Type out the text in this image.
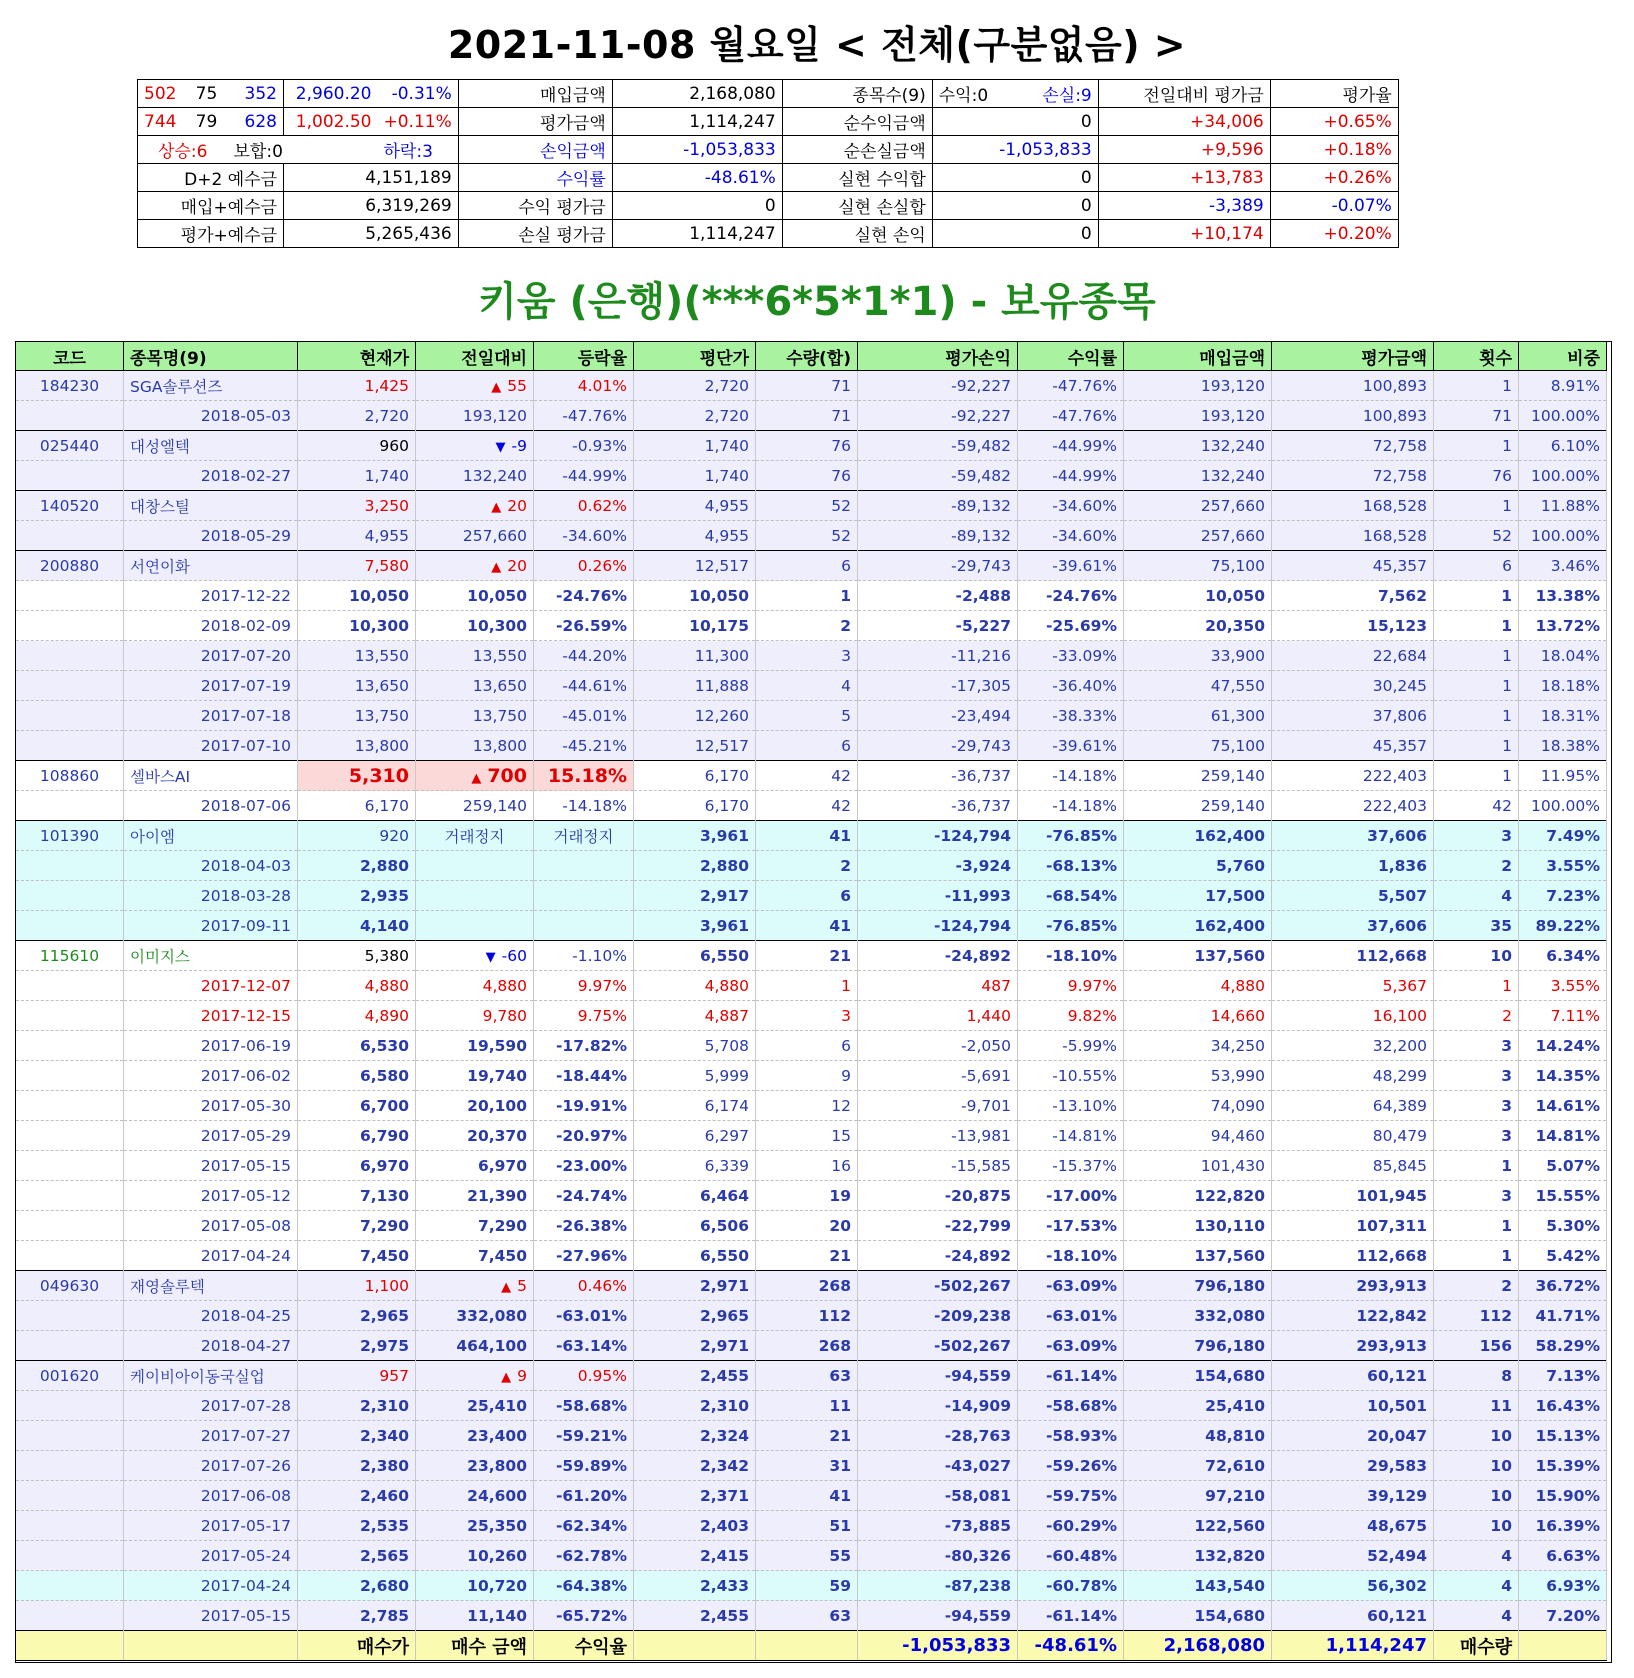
2021-11-08 월요일 < 전체(구분없음) >
502	75	352	2,960.20	-0.31%	매입금액	2,168,080	종목수(9)	수익:0	손실:9	전일대비 평가금	평가율
744	79	628	1,002.50	+0.11%	평가금액	1,114,247	순수익금액	0		+34,006	+0.65%
상승:6		보합:0		하락:3	손익금액	-1,053,833	순손실금액	-1,053,833		+9,596	+0.18%
D+2 예수금			4,151,189		수익률	-48.61%	실현 수익합	0		+13,783	+0.26%
매입+예수금			6,319,269		수익 평가금	0	실현 손실합	0		-3,389	-0.07%
평가+예수금			5,265,436		손실 평가금	1,114,247	실현 손익	0		+10,174	+0.20%
키움 (은행)(***6*5*1*1) - 보유종목
코드	종목명(9)	현재가	전일대비	등락율	평단가	수량(합)	평가손익	수익률	매입금액	평가금액	횟수	비중
184230	SGA솔루션즈	1,425	▲ 55	4.01%	2,720	71	-92,227	-47.76%	193,120	100,893	1	8.91%
	2018-05-03	2,720	193,120	-47.76%	2,720	71	-92,227	-47.76%	193,120	100,893	71	100.00%
025440	대성엘텍	960	▼ -9	-0.93%	1,740	76	-59,482	-44.99%	132,240	72,758	1	6.10%
	2018-02-27	1,740	132,240	-44.99%	1,740	76	-59,482	-44.99%	132,240	72,758	76	100.00%
140520	대창스틸	3,250	▲ 20	0.62%	4,955	52	-89,132	-34.60%	257,660	168,528	1	11.88%
	2018-05-29	4,955	257,660	-34.60%	4,955	52	-89,132	-34.60%	257,660	168,528	52	100.00%
200880	서연이화	7,580	▲ 20	0.26%	12,517	6	-29,743	-39.61%	75,100	45,357	6	3.46%
	2017-12-22	10,050	10,050	-24.76%	10,050	1	-2,488	-24.76%	10,050	7,562	1	13.38%
	2018-02-09	10,300	10,300	-26.59%	10,175	2	-5,227	-25.69%	20,350	15,123	1	13.72%
	2017-07-20	13,550	13,550	-44.20%	11,300	3	-11,216	-33.09%	33,900	22,684	1	18.04%
	2017-07-19	13,650	13,650	-44.61%	11,888	4	-17,305	-36.40%	47,550	30,245	1	18.18%
	2017-07-18	13,750	13,750	-45.01%	12,260	5	-23,494	-38.33%	61,300	37,806	1	18.31%
	2017-07-10	13,800	13,800	-45.21%	12,517	6	-29,743	-39.61%	75,100	45,357	1	18.38%
108860	셀바스AI	5,310	▲ 700	15.18%	6,170	42	-36,737	-14.18%	259,140	222,403	1	11.95%
	2018-07-06	6,170	259,140	-14.18%	6,170	42	-36,737	-14.18%	259,140	222,403	42	100.00%
101390	아이엠	920	거래정지	거래정지	3,961	41	-124,794	-76.85%	162,400	37,606	3	7.49%
	2018-04-03	2,880			2,880	2	-3,924	-68.13%	5,760	1,836	2	3.55%
	2018-03-28	2,935			2,917	6	-11,993	-68.54%	17,500	5,507	4	7.23%
	2017-09-11	4,140			3,961	41	-124,794	-76.85%	162,400	37,606	35	89.22%
115610	이미지스	5,380	▼ -60	-1.10%	6,550	21	-24,892	-18.10%	137,560	112,668	10	6.34%
	2017-12-07	4,880	4,880	9.97%	4,880	1	487	9.97%	4,880	5,367	1	3.55%
	2017-12-15	4,890	9,780	9.75%	4,887	3	1,440	9.82%	14,660	16,100	2	7.11%
	2017-06-19	6,530	19,590	-17.82%	5,708	6	-2,050	-5.99%	34,250	32,200	3	14.24%
	2017-06-02	6,580	19,740	-18.44%	5,999	9	-5,691	-10.55%	53,990	48,299	3	14.35%
	2017-05-30	6,700	20,100	-19.91%	6,174	12	-9,701	-13.10%	74,090	64,389	3	14.61%
	2017-05-29	6,790	20,370	-20.97%	6,297	15	-13,981	-14.81%	94,460	80,479	3	14.81%
	2017-05-15	6,970	6,970	-23.00%	6,339	16	-15,585	-15.37%	101,430	85,845	1	5.07%
	2017-05-12	7,130	21,390	-24.74%	6,464	19	-20,875	-17.00%	122,820	101,945	3	15.55%
	2017-05-08	7,290	7,290	-26.38%	6,506	20	-22,799	-17.53%	130,110	107,311	1	5.30%
	2017-04-24	7,450	7,450	-27.96%	6,550	21	-24,892	-18.10%	137,560	112,668	1	5.42%
049630	재영솔루텍	1,100	▲ 5	0.46%	2,971	268	-502,267	-63.09%	796,180	293,913	2	36.72%
	2018-04-25	2,965	332,080	-63.01%	2,965	112	-209,238	-63.01%	332,080	122,842	112	41.71%
	2018-04-27	2,975	464,100	-63.14%	2,971	268	-502,267	-63.09%	796,180	293,913	156	58.29%
001620	케이비아이동국실업	957	▲ 9	0.95%	2,455	63	-94,559	-61.14%	154,680	60,121	8	7.13%
	2017-07-28	2,310	25,410	-58.68%	2,310	11	-14,909	-58.68%	25,410	10,501	11	16.43%
	2017-07-27	2,340	23,400	-59.21%	2,324	21	-28,763	-58.93%	48,810	20,047	10	15.13%
	2017-07-26	2,380	23,800	-59.89%	2,342	31	-43,027	-59.26%	72,610	29,583	10	15.39%
	2017-06-08	2,460	24,600	-61.20%	2,371	41	-58,081	-59.75%	97,210	39,129	10	15.90%
	2017-05-17	2,535	25,350	-62.34%	2,403	51	-73,885	-60.29%	122,560	48,675	10	16.39%
	2017-05-24	2,565	10,260	-62.78%	2,415	55	-80,326	-60.48%	132,820	52,494	4	6.63%
	2017-04-24	2,680	10,720	-64.38%	2,433	59	-87,238	-60.78%	143,540	56,302	4	6.93%
	2017-05-15	2,785	11,140	-65.72%	2,455	63	-94,559	-61.14%	154,680	60,121	4	7.20%
		매수가	매수 금액	수익율			-1,053,833	-48.61%	2,168,080	1,114,247	매수량	
